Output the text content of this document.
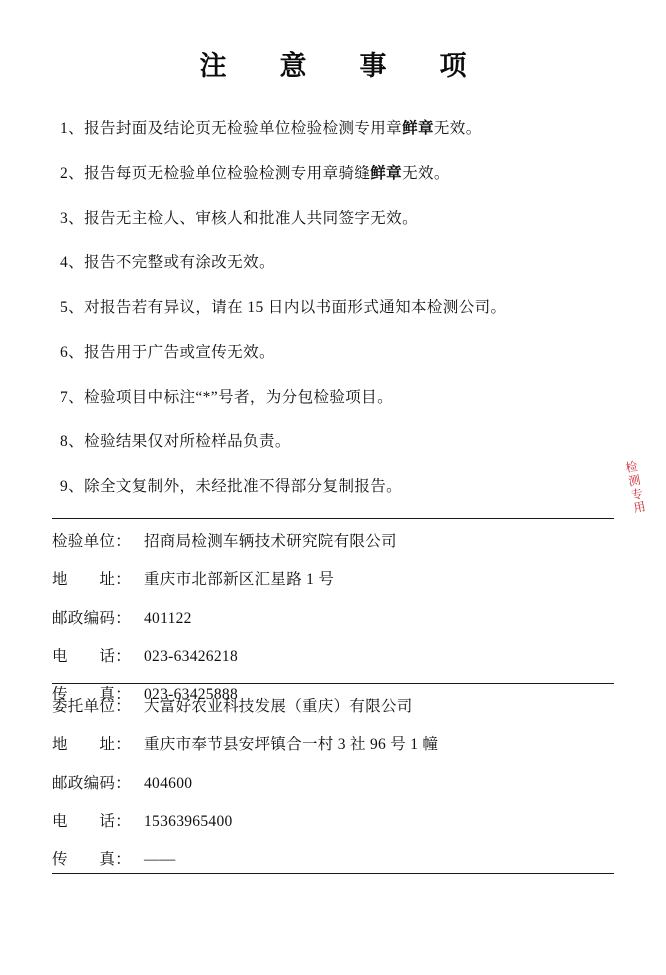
注　意　事　项
1、报告封面及结论页无检验单位检验检测专用章鲜章无效。
2、报告每页无检验单位检验检测专用章骑缝鲜章无效。
3、报告无主检人、审核人和批准人共同签字无效。
4、报告不完整或有涂改无效。
5、对报告若有异议，请在 15 日内以书面形式通知本检测公司。
6、报告用于广告或宣传无效。
7、检验项目中标注“*”号者，为分包检验项目。
8、检验结果仅对所检样品负责。
9、除全文复制外，未经批准不得部分复制报告。
检验单位： 招商局检测车辆技术研究院有限公司
地　　址： 重庆市北部新区汇星路 1 号
邮政编码： 401122
电　　话： 023-63426218
传　　真： 023-63425888
委托单位： 大富好农业科技发展（重庆）有限公司
地　　址： 重庆市奉节县安坪镇合一村 3 社 96 号 1 幢
邮政编码： 404600
电　　话： 15363965400
传　　真： ——
检
测
专
用
